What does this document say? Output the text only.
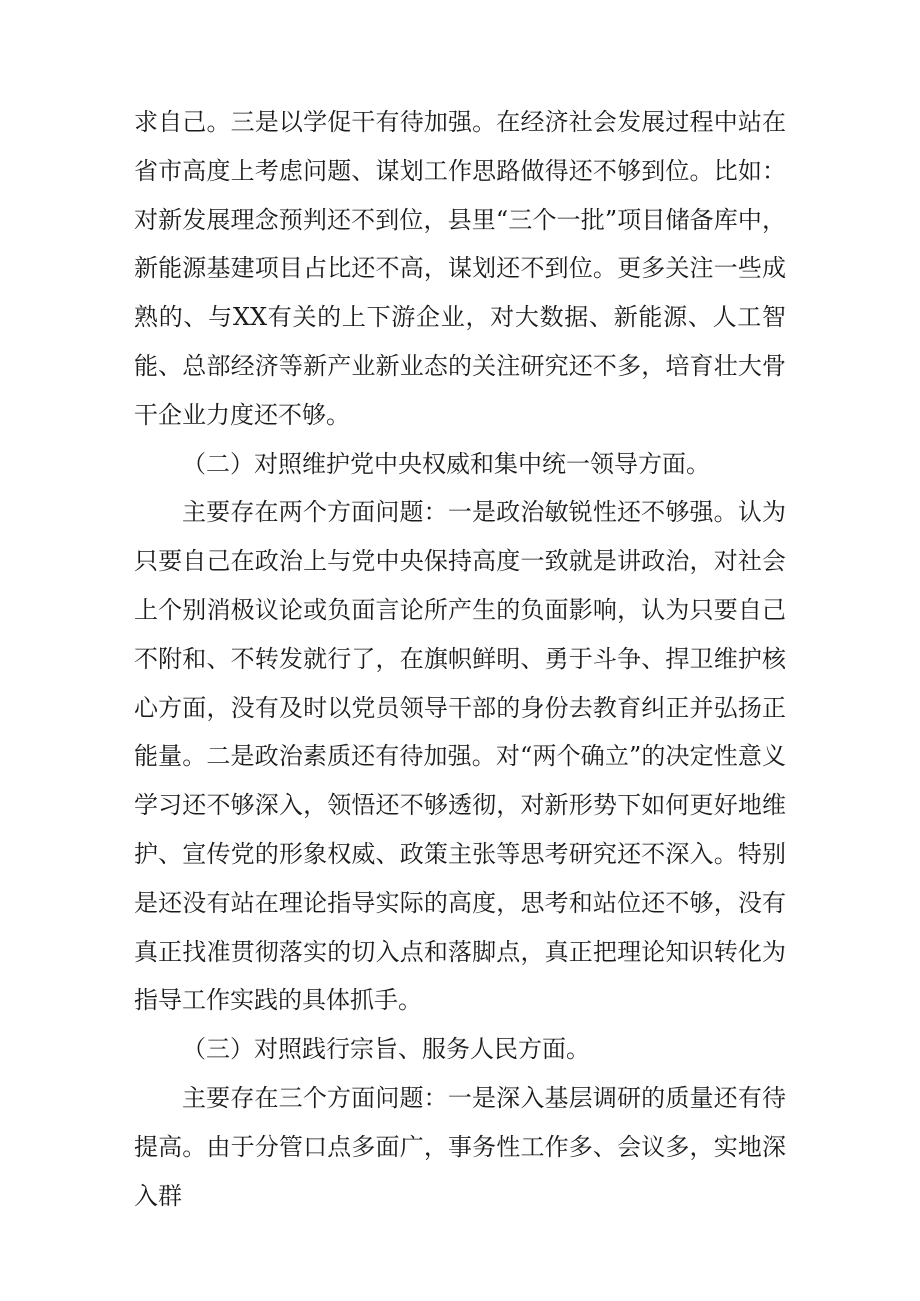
求自己。三是以学促干有待加强。在经济社会发展过程中站在省市高度上考虑问题、谋划工作思路做得还不够到位。比如：对新发展理念预判还不到位，县里“三个一批”项目储备库中，新能源基建项目占比还不高，谋划还不到位。更多关注一些成熟的、与XX有关的上下游企业，对大数据、新能源、人工智能、总部经济等新产业新业态的关注研究还不多，培育壮大骨干企业力度还不够。

（二）对照维护党中央权威和集中统一领导方面。

主要存在两个方面问题：一是政治敏锐性还不够强。认为只要自己在政治上与党中央保持高度一致就是讲政治，对社会上个别消极议论或负面言论所产生的负面影响，认为只要自己不附和、不转发就行了，在旗帜鲜明、勇于斗争、捍卫维护核心方面，没有及时以党员领导干部的身份去教育纠正并弘扬正能量。二是政治素质还有待加强。对“两个确立”的决定性意义学习还不够深入，领悟还不够透彻，对新形势下如何更好地维护、宣传党的形象权威、政策主张等思考研究还不深入。特别是还没有站在理论指导实际的高度，思考和站位还不够，没有真正找准贯彻落实的切入点和落脚点，真正把理论知识转化为指导工作实践的具体抓手。

（三）对照践行宗旨、服务人民方面。

主要存在三个方面问题：一是深入基层调研的质量还有待提高。由于分管口点多面广，事务性工作多、会议多，实地深入群
